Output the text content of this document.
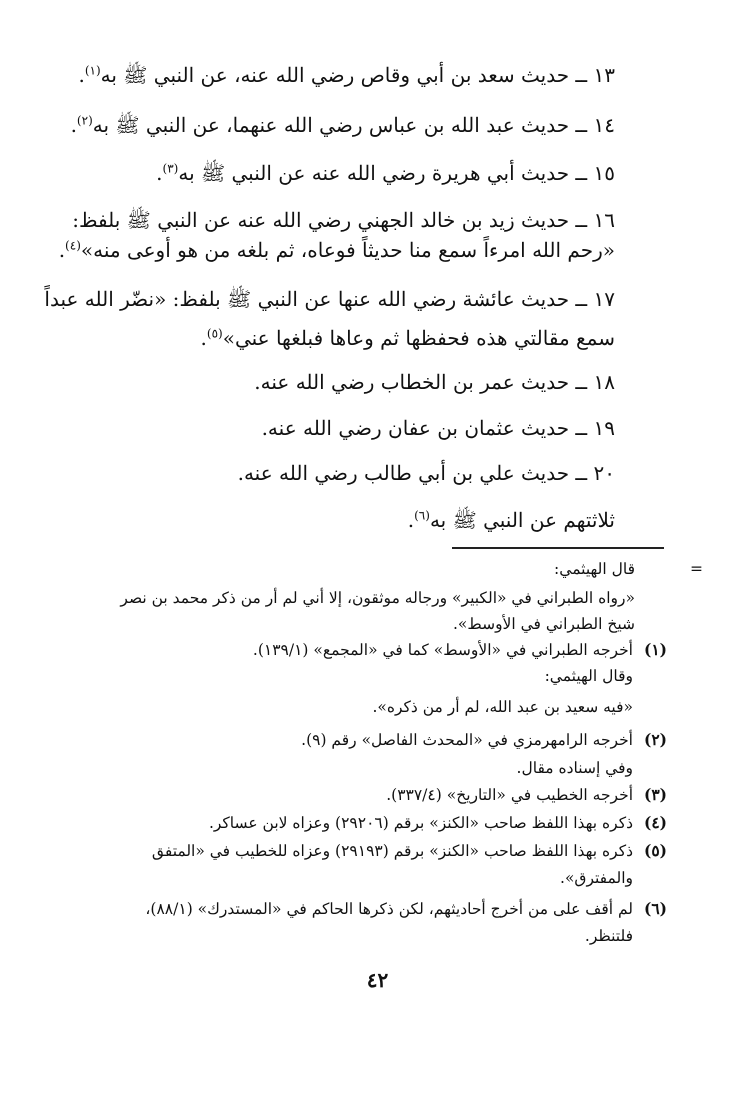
١٣ ــ حديث سعد بن أبي وقاص رضي الله عنه، عن النبي ﷺ به$^{(١)}$.
١٤ ــ حديث عبد الله بن عباس رضي الله عنهما، عن النبي ﷺ به$^{(٢)}$.
١٥ ــ حديث أبي هريرة رضي الله عنه عن النبي ﷺ به$^{(٣)}$.
١٦ ــ حديث زيد بن خالد الجهني رضي الله عنه عن النبي ﷺ بلفظ:
«رحم الله امرءاً سمع منا حديثاً فوعاه، ثم بلغه من هو أوعى منه»$^{(٤)}$.
١٧ ــ حديث عائشة رضي الله عنها عن النبي ﷺ بلفظ: «نضّر الله عبداً
سمع مقالتي هذه فحفظها ثم وعاها فبلغها عني»$^{(٥)}$.
١٨ ــ حديث عمر بن الخطاب رضي الله عنه.
١٩ ــ حديث عثمان بن عفان رضي الله عنه.
٢٠ ــ حديث علي بن أبي طالب رضي الله عنه.
ثلاثتهم عن النبي ﷺ به$^{(٦)}$.
=
قال الهيثمي:
«رواه الطبراني في «الكبير» ورجاله موثقون، إلا أني لم أر من ذكر محمد بن نصر
شيخ الطبراني في الأوسط».
(١)أخرجه الطبراني في «الأوسط» كما في «المجمع» (١٣٩/١).
وقال الهيثمي:
«فيه سعيد بن عبد الله، لم أر من ذكره».
(٢)أخرجه الرامهرمزي في «المحدث الفاصل» رقم (٩).
وفي إسناده مقال.
(٣)أخرجه الخطيب في «التاريخ» (٣٣٧/٤).
(٤)ذكره بهذا اللفظ صاحب «الكنز» برقم (٢٩٢٠٦) وعزاه لابن عساكر.
(٥)ذكره بهذا اللفظ صاحب «الكنز» برقم (٢٩١٩٣) وعزاه للخطيب في «المتفق
والمفترق».
(٦)لم أقف على من أخرج أحاديثهم، لكن ذكرها الحاكم في «المستدرك» (٨٨/١)،
فلتنظر.
٤٢
